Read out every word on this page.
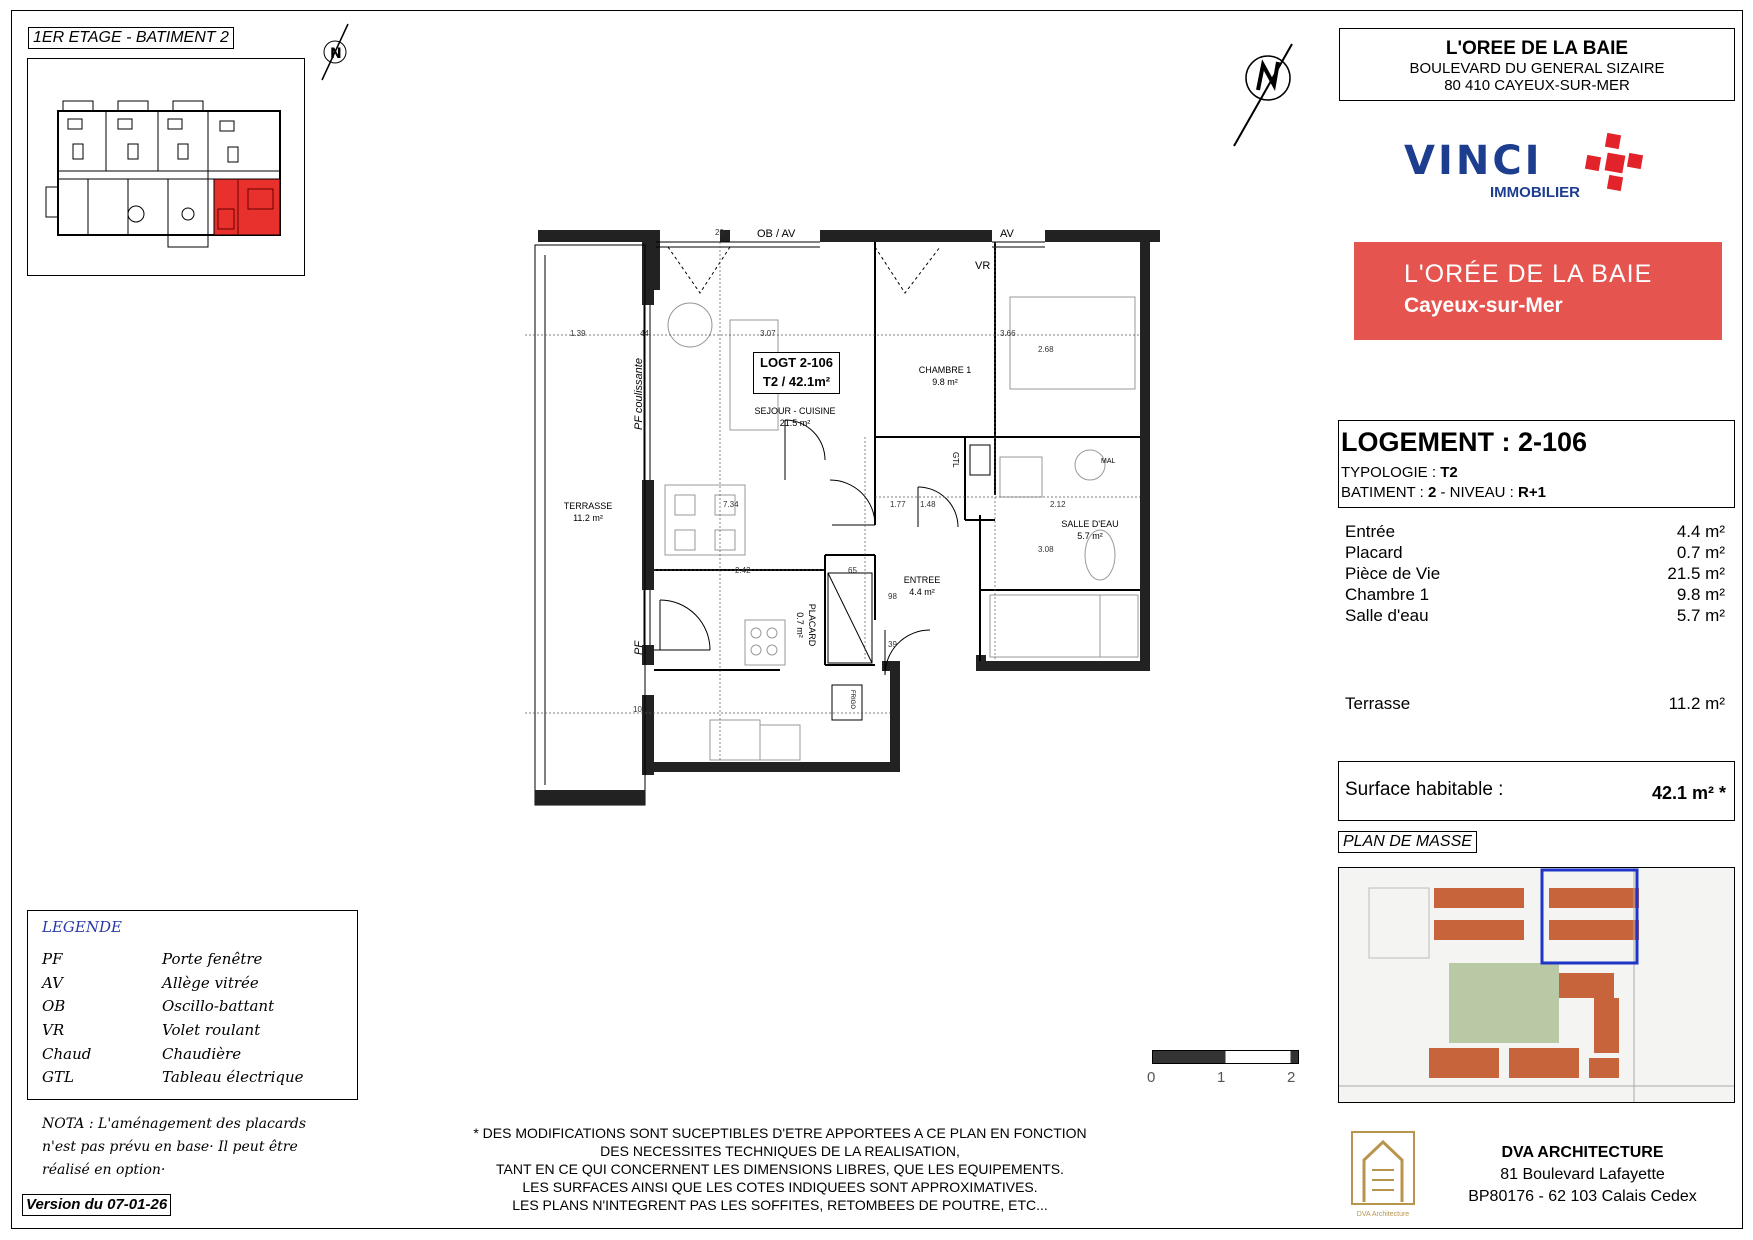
1ER ETAGE - BATIMENT 2
N
LOGT 2-106
T2 / 42.1m²
SEJOUR - CUISINE
21.5 m²
CHAMBRE 1
9.8 m²
SALLE D'EAU
5.7 m²
ENTREE
4.4 m²
TERRASSE
11.2 m²
PLACARD
0.7 m²
OB / AV	AV
VR
PF coulissante
PF
GTL	MAL
FRIGO
1.39	44	3.07	3.66
2.68
7.34	1.48	2.12
1.77
3.08
2.42	65
98
39
10
20
L'OREE DE LA BAIE
BOULEVARD DU GENERAL SIZAIRE
80 410 CAYEUX-SUR-MER
VINCI
IMMOBILIER
L'ORÉE DE LA BAIE
Cayeux-sur-Mer
LOGEMENT : 2-106
TYPOLOGIE : T2
BATIMENT : 2 - NIVEAU : R+1
Entrée	4.4 m²
Placard	0.7 m²
Pièce de Vie	21.5 m²
Chambre 1	9.8 m²
Salle d'eau	5.7 m²
Terrasse	11.2 m²
Surface habitable :	42.1 m² *
PLAN DE MASSE
0	1	2
LEGENDE
PF	Porte fenêtre
AV	Allège vitrée
OB	Oscillo-battant
VR	Volet roulant
Chaud	Chaudière
GTL	Tableau électrique
NOTA : L'aménagement des placards
n'est pas prévu en base· Il peut être
réalisé en option·
Version du 07-01-26
* DES MODIFICATIONS SONT SUCEPTIBLES D'ETRE APPORTEES A CE PLAN EN FONCTION
DES NECESSITES TECHNIQUES DE LA REALISATION,
TANT EN CE QUI CONCERNENT LES DIMENSIONS LIBRES, QUE LES EQUIPEMENTS.
LES SURFACES AINSI QUE LES COTES INDIQUEES SONT APPROXIMATIVES.
LES PLANS N'INTEGRENT PAS LES SOFFITES, RETOMBEES DE POUTRE, ETC...
DVA Architecture
DVA ARCHITECTURE
81 Boulevard Lafayette
BP80176 - 62 103 Calais Cedex
